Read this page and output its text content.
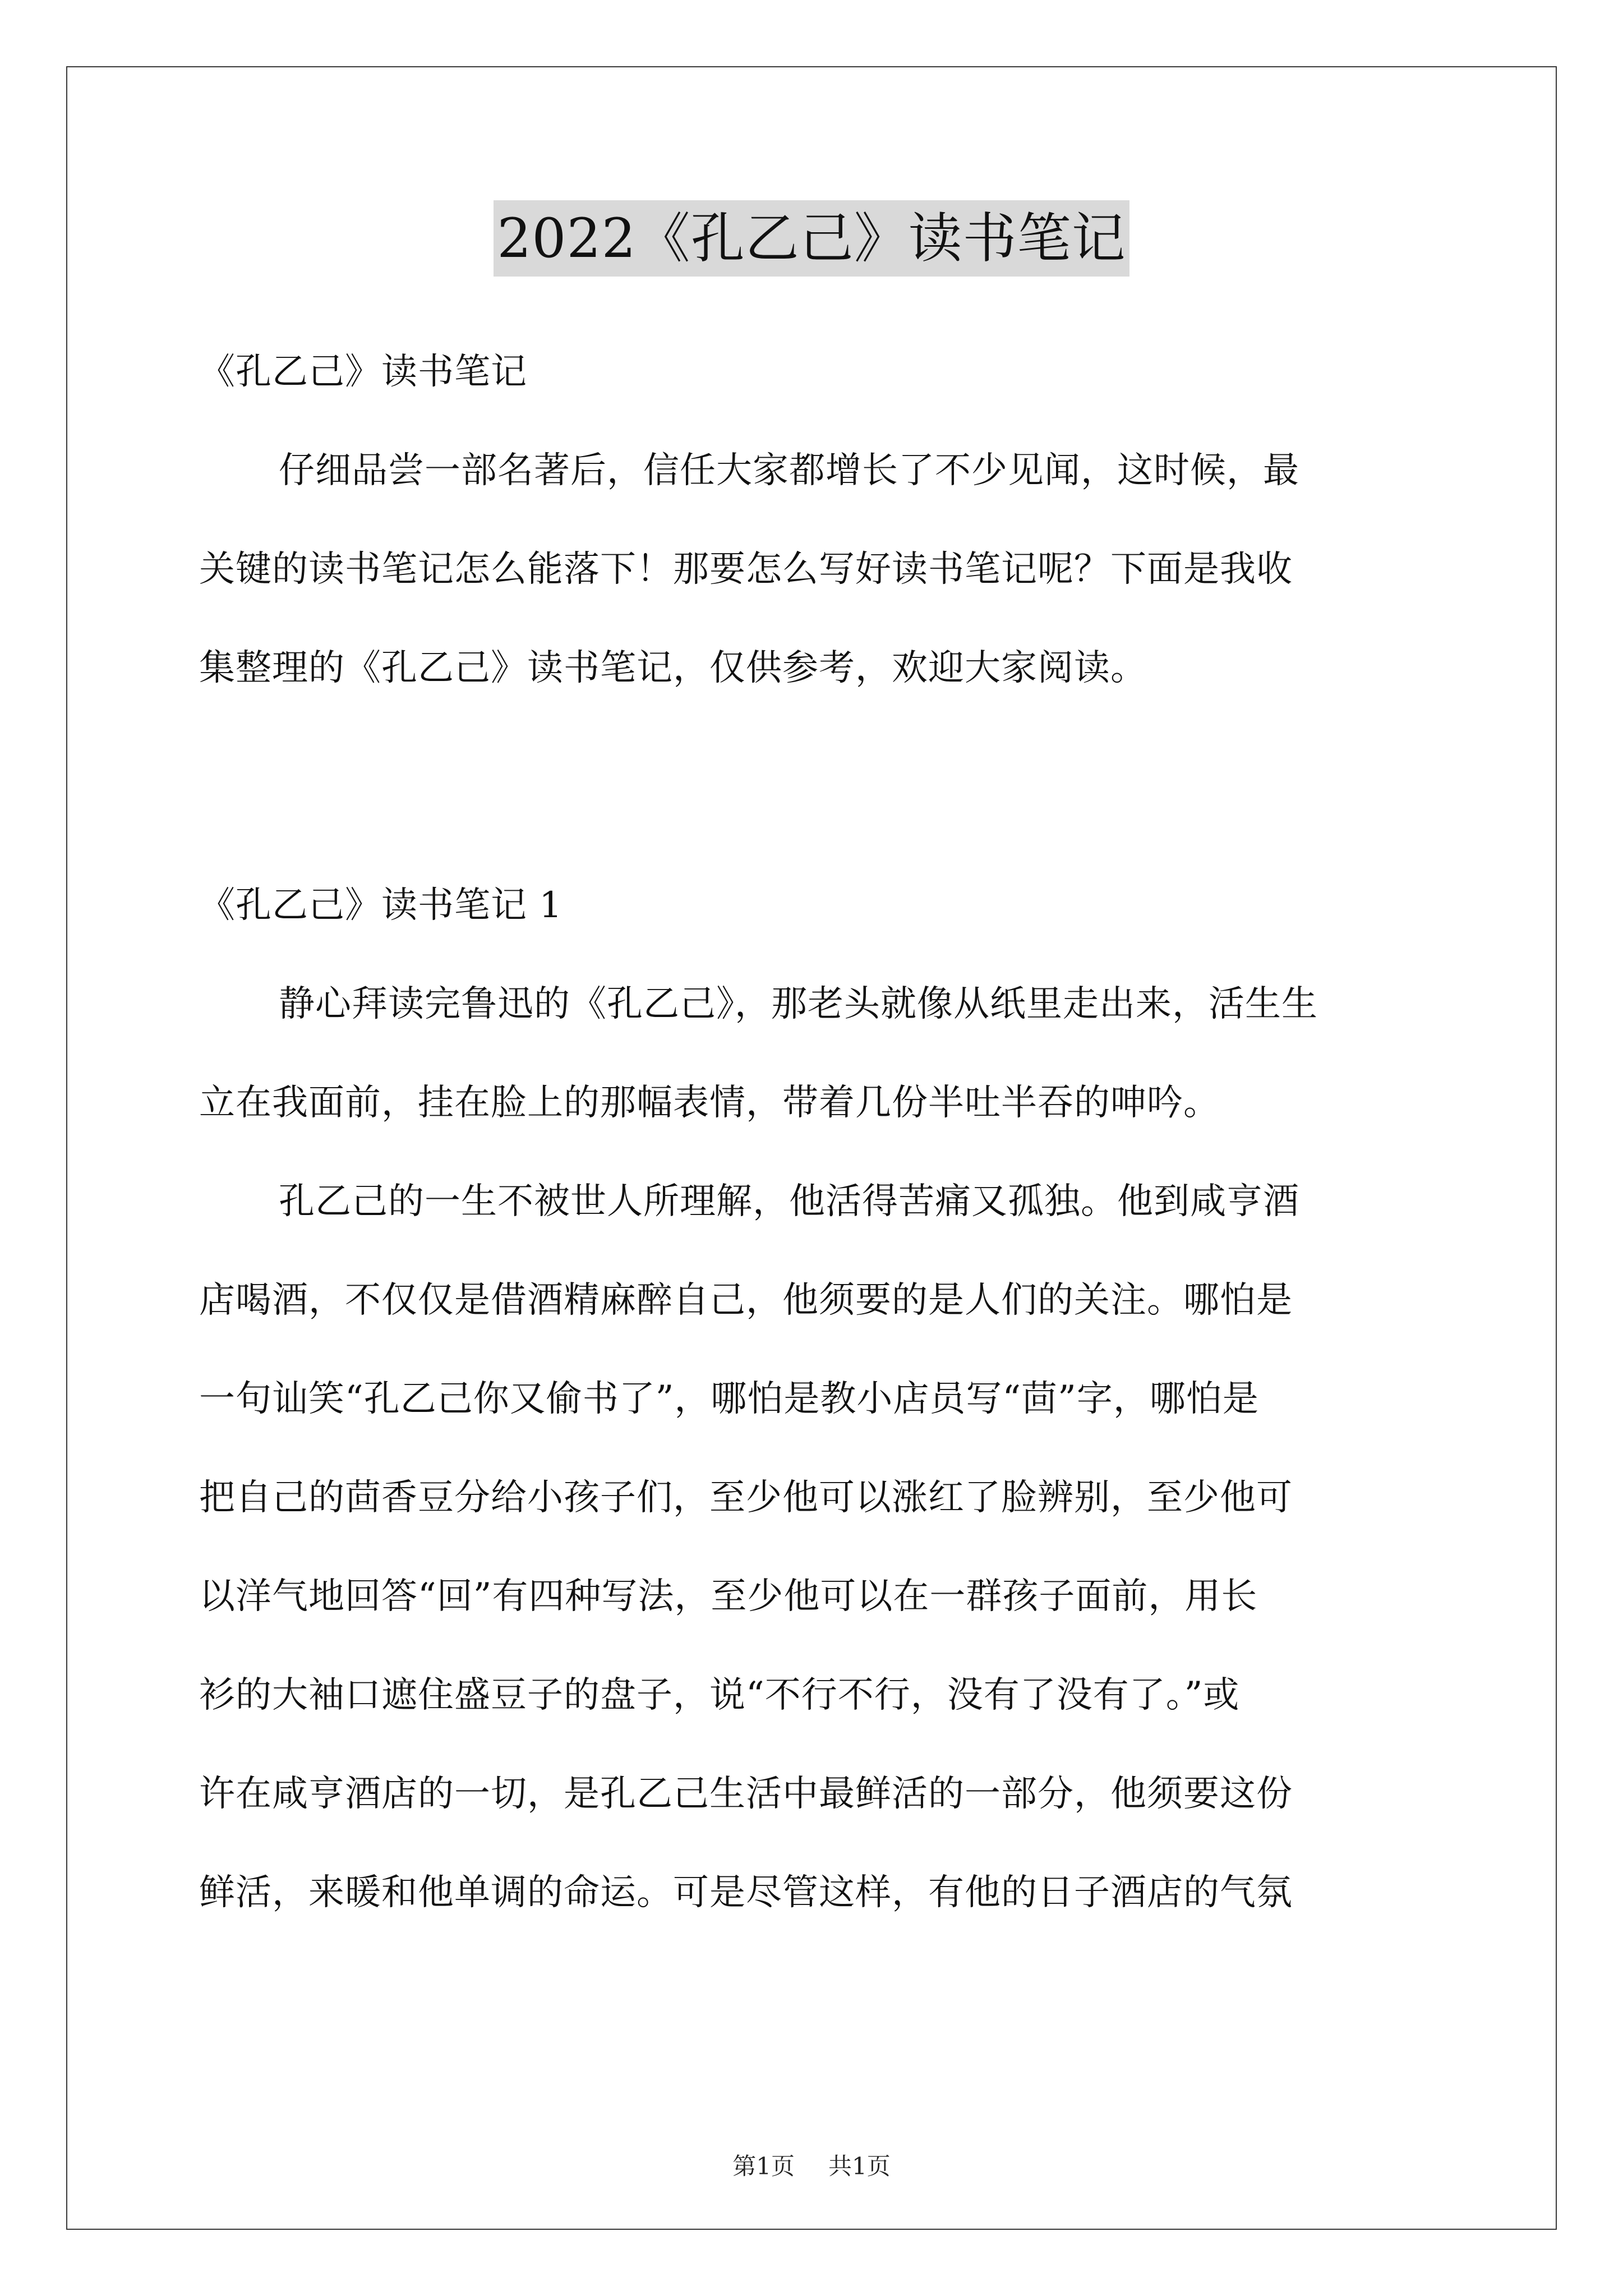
2022《孔乙己》读书笔记
《孔乙己》读书笔记
仔细品尝一部名著后，信任大家都增长了不少见闻，这时候，最
关键的读书笔记怎么能落下！那要怎么写好读书笔记呢？下面是我收
集整理的《孔乙己》读书笔记，仅供参考，欢迎大家阅读。
《孔乙己》读书笔记 1
静心拜读完鲁迅的《孔乙己》，那老头就像从纸里走出来，活生生
立在我面前，挂在脸上的那幅表情，带着几份半吐半吞的呻吟。
孔乙己的一生不被世人所理解，他活得苦痛又孤独。他到咸亨酒
店喝酒，不仅仅是借酒精麻醉自己，他须要的是人们的关注。哪怕是
一句讪笑“孔乙己你又偷书了”，哪怕是教小店员写“茴”字，哪怕是
把自己的茴香豆分给小孩子们，至少他可以涨红了脸辨别，至少他可
以洋气地回答“回”有四种写法，至少他可以在一群孩子面前，用长
衫的大袖口遮住盛豆子的盘子，说“不行不行，没有了没有了。”或
许在咸亨酒店的一切，是孔乙己生活中最鲜活的一部分，他须要这份
鲜活，来暖和他单调的命运。可是尽管这样，有他的日子酒店的气氛
第1页 共1页
